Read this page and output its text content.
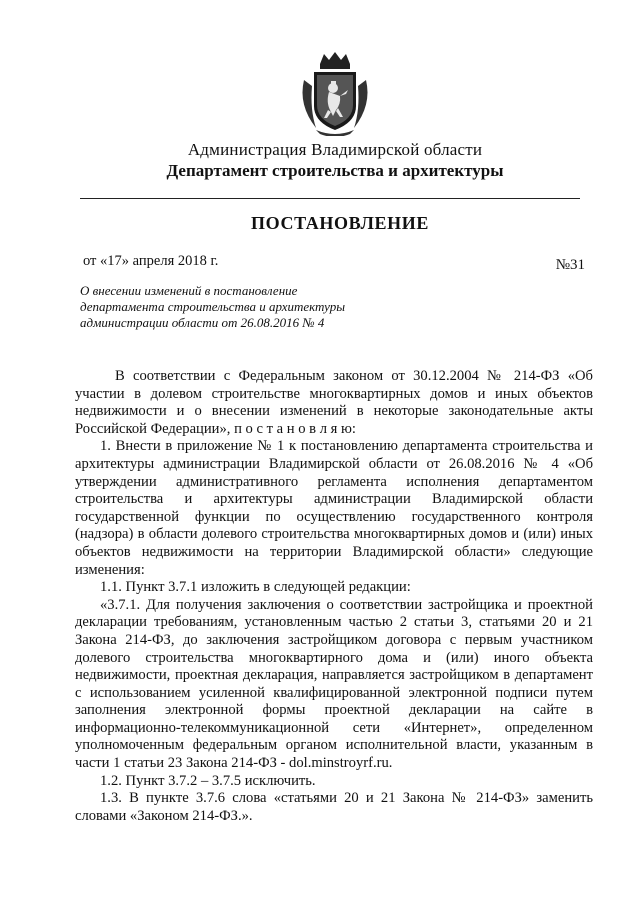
Администрация Владимирской области
Департамент строительства и архитектуры
ПОСТАНОВЛЕНИЕ
от «17» апреля 2018 г.	№31
О внесении изменений в постановление
департамента строительства и архитектуры
администрации области от 26.08.2016 № 4

В соответствии с Федеральным законом от 30.12.2004 № 214-ФЗ «Об участии в долевом строительстве многоквартирных домов и иных объектов недвижимости и о внесении изменений в некоторые законодательные акты Российской Федерации», п о с т а н о в л я ю:

1. Внести в приложение № 1 к постановлению департамента строительства и архитектуры администрации Владимирской области от 26.08.2016 № 4 «Об утверждении административного регламента исполнения департаментом строительства и архитектуры администрации Владимирской области государственной функции по осуществлению государственного контроля (надзора) в области долевого строительства многоквартирных домов и (или) иных объектов недвижимости на территории Владимирской области» следующие изменения:

1.1. Пункт 3.7.1 изложить в следующей редакции:

«3.7.1. Для получения заключения о соответствии застройщика и проектной декларации требованиям, установленным частью 2 статьи 3, статьями 20 и 21 Закона 214-ФЗ, до заключения застройщиком договора с первым участником долевого строительства многоквартирного дома и (или) иного объекта недвижимости, проектная декларация, направляется застройщиком в департамент с использованием усиленной квалифицированной электронной подписи путем заполнения электронной формы проектной декларации на сайте в информационно-телекоммуникационной сети «Интернет», определенном уполномоченным федеральным органом исполнительной власти, указанным в части 1 статьи 23 Закона 214-ФЗ - dol.minstroyrf.ru.

1.2. Пункт 3.7.2 – 3.7.5 исключить.

1.3. В пункте 3.7.6 слова «статьями 20 и 21 Закона № 214-ФЗ» заменить словами «Законом 214-ФЗ.».
